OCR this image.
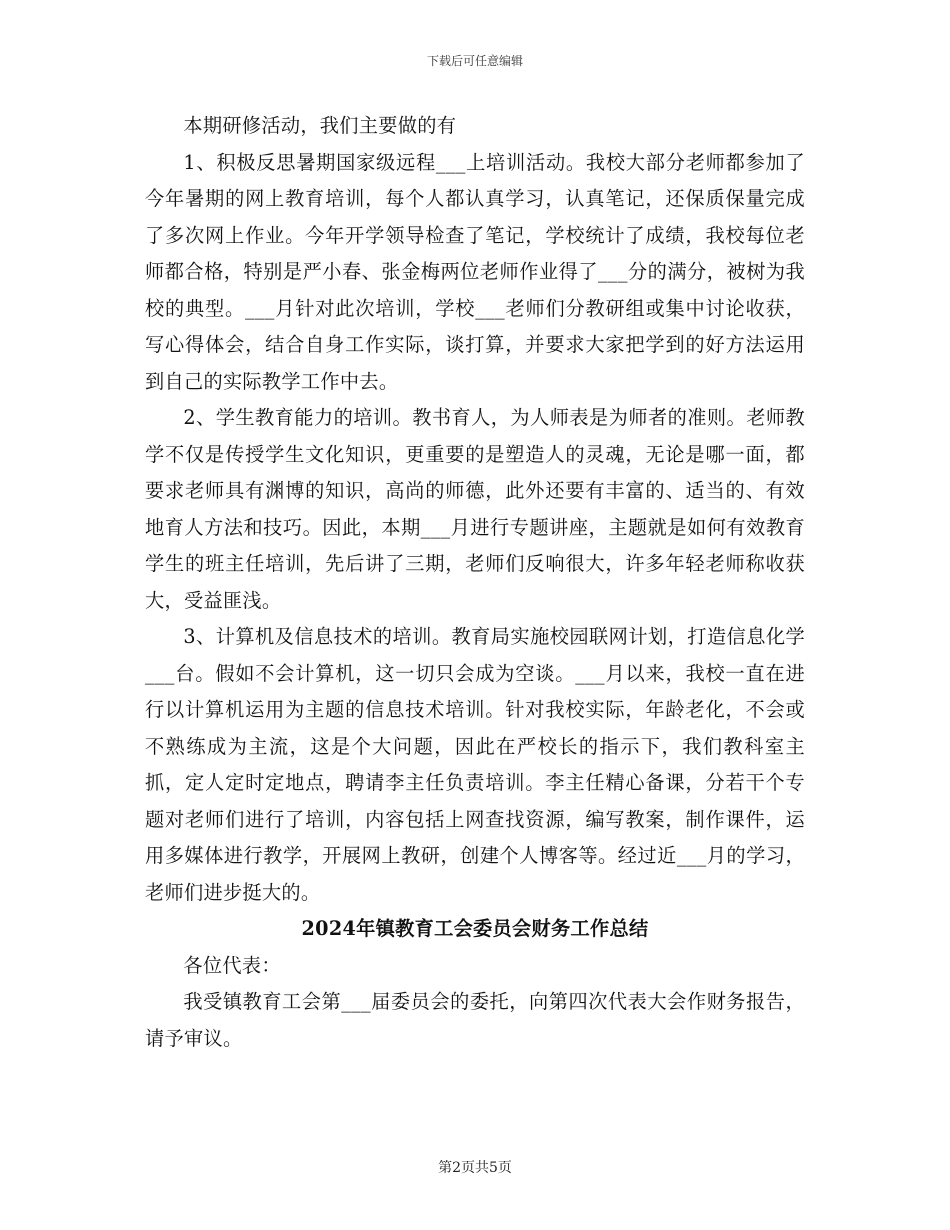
下载后可任意编辑

本期研修活动，我们主要做的有

1、积极反思暑期国家级远程___上培训活动。我校大部分老师都参加了今年暑期的网上教育培训，每个人都认真学习，认真笔记，还保质保量完成了多次网上作业。今年开学领导检查了笔记，学校统计了成绩，我校每位老师都合格，特别是严小春、张金梅两位老师作业得了___分的满分，被树为我校的典型。___月针对此次培训，学校___老师们分教研组或集中讨论收获，写心得体会，结合自身工作实际，谈打算，并要求大家把学到的好方法运用到自己的实际教学工作中去。

2、学生教育能力的培训。教书育人，为人师表是为师者的准则。老师教学不仅是传授学生文化知识，更重要的是塑造人的灵魂，无论是哪一面，都要求老师具有渊博的知识，高尚的师德，此外还要有丰富的、适当的、有效地育人方法和技巧。因此，本期___月进行专题讲座，主题就是如何有效教育学生的班主任培训，先后讲了三期，老师们反响很大，许多年轻老师称收获大，受益匪浅。

3、计算机及信息技术的培训。教育局实施校园联网计划，打造信息化学___台。假如不会计算机，这一切只会成为空谈。___月以来，我校一直在进行以计算机运用为主题的信息技术培训。针对我校实际，年龄老化，不会或不熟练成为主流，这是个大问题，因此在严校长的指示下，我们教科室主抓，定人定时定地点，聘请李主任负责培训。李主任精心备课，分若干个专题对老师们进行了培训，内容包括上网查找资源，编写教案，制作课件，运用多媒体进行教学，开展网上教研，创建个人博客等。经过近___月的学习，老师们进步挺大的。

2024年镇教育工会委员会财务工作总结

各位代表：

我受镇教育工会第___届委员会的委托，向第四次代表大会作财务报告，请予审议。

第2页共5页
